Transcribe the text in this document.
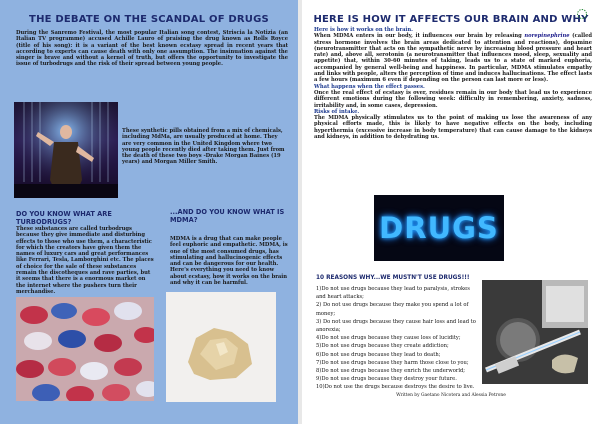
THE DEBATE ON THE SCANDAL OF DRUGS

During the Sanremo Festival, the most popular Italian song contest, Striscia la Notizia (an Italian TV programme) accused Achille Lauro of praising the drug known as Rolls Royce (title of his song): it is a variant of the best known ecstasy spread in recent years that according to experts can cause death with only one assumption. The insinuation against the singer is brave and without a kernel of truth, but offers the opportunity to investigate the issue of turbodrugs and the risk of their spread between young people.

These synthetic pills obtained from a mix of chemicals, including MdMa, are usually produced at home. They are very common in the United Kingdom where two young people recently died after taking them. Just from the death of these two boys -Drake Morgan Baines (19 years) and Morgan Miller Smith.

DO YOU KNOW WHAT ARE TURBODRUGS?

These substances are called turbodrugs because they give immediate and disturbing effects to those who use them, a characteristic for which the creators have given them the names of luxury cars and great performances like Ferrari, Tesla, Lamborghini etc. The places of choice for the sale of these substances remain the discotheques and rave parties, but it seems that there is a enormous market on the internet where the pushers turn their merchandise.

...AND DO YOU KNOW WHAT IS MDMA?

MDMA is a drug that can make people feel euphoric and empathetic. MDMA, is one of the most consumed drugs, has stimulating and hallucinogenic effects and can be dangerous for our health. Here's everything you need to know about ecstasy, how it works on the brain and why it can be harmful.

HERE IS HOW IT AFFECTS OUR BRAIN AND WHY
Here is how it works on the brain.
When MDMA enters in our body, it influences our brain by releasing norepinephrine (called stress hormone involves the brain areas dedicated to attention and reactions), dopamine (neurotransmitter that acts on the sympathetic nerve by increasing blood pressure and heart rate) and, above all, serotonin (a neurotransmitter that influences mood, sleep, sexuality and appetite) that, within 30-60 minutes of taking, leads us to a state of marked euphoria, accompanied by general well-being and happiness. In particular, MDMA stimulates empathy and links with people, alters the perception of time and induces hallucinations. The effect lasts a few hours (maximum 6 even if depending on the person can last more or less).
What happens when the effect passes.
Once the real effect of ecstasy is over, residues remain in our body that lead us to experience different emotions during the following week: difficulty in remembering, anxiety, sadness, irritability and, in some cases, depression.
Risks of intake.
The MDMA physically stimulates us to the point of making us lose the awareness of any physical efforts made, this is likely to have negative effects on the body, including hyperthermia (excessive increase in body temperature) that can cause damage to the kidneys and kidneys, in addition to dehydrating us.
DRUGS
10 REASONS WHY...WE MUSTN'T USE DRUGS!!!
1)Do not use drugs because they lead to paralysis, strokes and heart attacks;
2) Do not use drugs because they make you spend a lot of money;
3) Do not use drugs because they cause hair loss and lead to anorexia;
4)Do not use drugs because they cause loss of lucidity;
5)Do not use drugs because they create addiction;
6)Do not use drugs because they lead to death;
7)Do not use drugs because they harm those close to you;
8)Do not use drugs because they enrich the underworld;
9)Do not use drugs because they destroy your future.
10)Do not use the drugs because destroys the desire to live.
Written by Gaetano Nicotera and Alessia Petrone
